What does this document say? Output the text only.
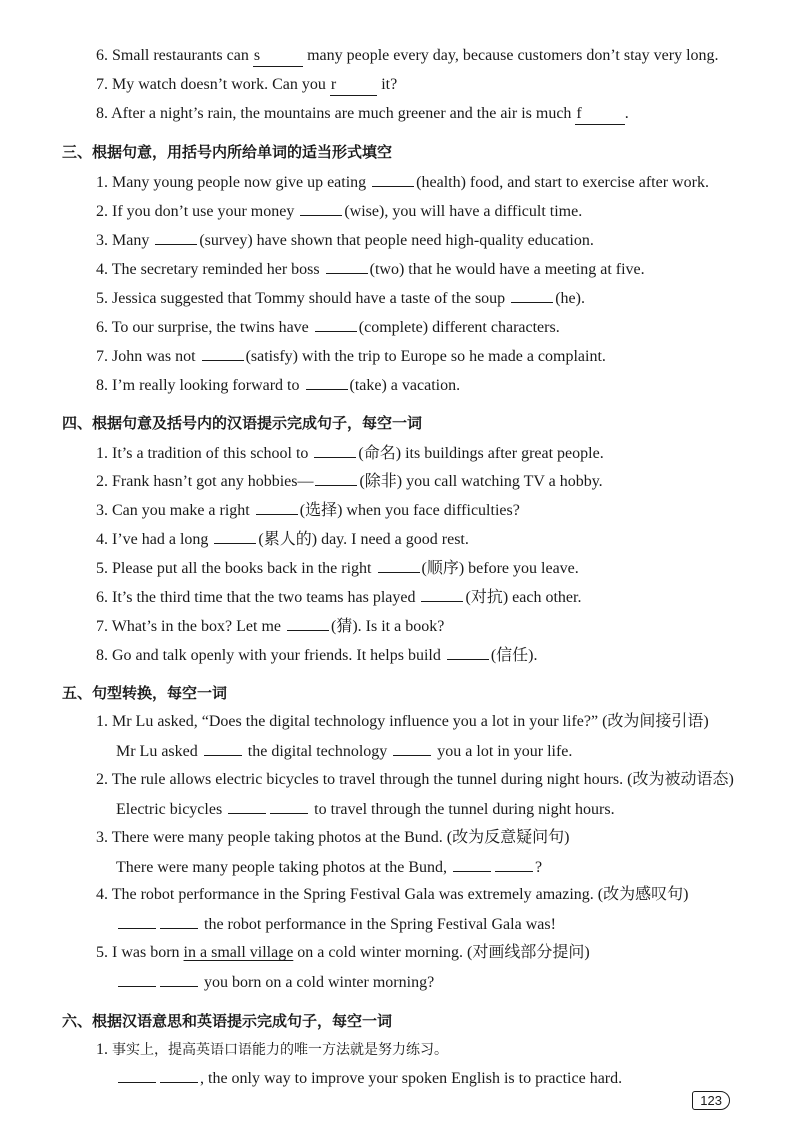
6. Small restaurants can s	many people every day, because customers don’t stay very long.
7. My watch doesn’t work. Can you r	it?
8. After a night’s rain, the mountains are much greener and the air is much f	.
三、根据句意，用括号内所给单词的适当形式填空
1. Many young people now give up eating	(health) food, and start to exercise after work.
2. If you don’t use your money	(wise), you will have a difficult time.
3. Many	(survey) have shown that people need high-quality education.
4. The secretary reminded her boss	(two) that he would have a meeting at five.
5. Jessica suggested that Tommy should have a taste of the soup	(he).
6. To our surprise, the twins have	(complete) different characters.
7. John was not	(satisfy) with the trip to Europe so he made a complaint.
8. I’m really looking forward to	(take) a vacation.
四、根据句意及括号内的汉语提示完成句子，每空一词
1. It’s a tradition of this school to	(命名) its buildings after great people.
2. Frank hasn’t got any hobbies—	(除非) you call watching TV a hobby.
3. Can you make a right	(选择) when you face difficulties?
4. I’ve had a long	(累人的) day. I need a good rest.
5. Please put all the books back in the right	(顺序) before you leave.
6. It’s the third time that the two teams has played	(对抗) each other.
7. What’s in the box? Let me	(猜). Is it a book?
8. Go and talk openly with your friends. It helps build	(信任).
五、句型转换，每空一词
1. Mr Lu asked, “Does the digital technology influence you a lot in your life?” (改为间接引语)
Mr Lu asked	the digital technology	you a lot in your life.
2. The rule allows electric bicycles to travel through the tunnel during night hours. (改为被动语态)
Electric bicycles	to travel through the tunnel during night hours.
3. There were many people taking photos at the Bund. (改为反意疑问句)
There were many people taking photos at the Bund,	?
4. The robot performance in the Spring Festival Gala was extremely amazing. (改为感叹句)
the robot performance in the Spring Festival Gala was!
5. I was born in a small village on a cold winter morning. (对画线部分提问)
you born on a cold winter morning?
六、根据汉语意思和英语提示完成句子，每空一词
1. 事实上，提高英语口语能力的唯一方法就是努力练习。
, the only way to improve your spoken English is to practice hard.
123
